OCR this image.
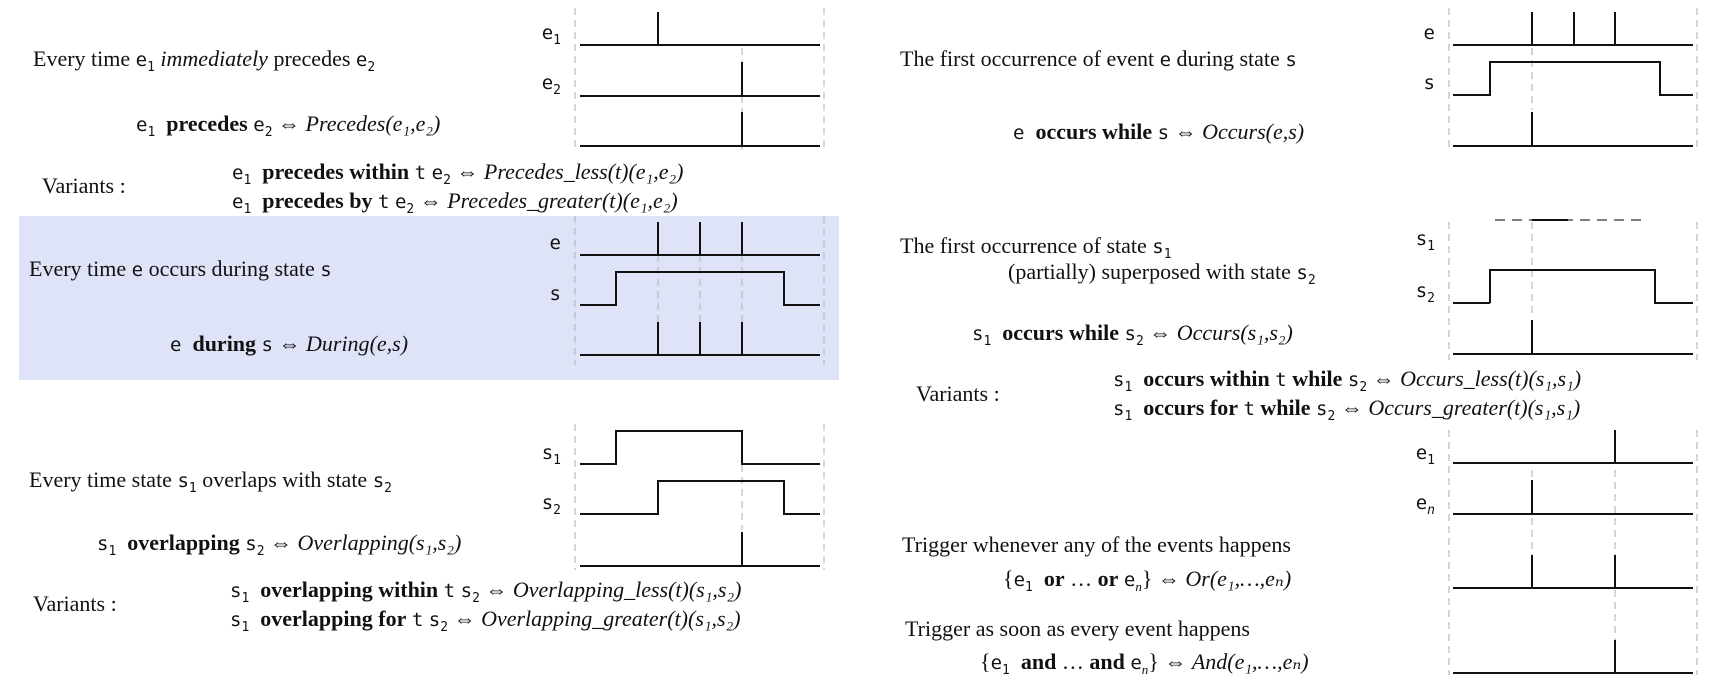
Every time $e_1$ immediately precedes $e_2$
$e_1$ precedes $e_2$ ⇔ Precedes(e₁,e₂)
Variants :	$e_1$ precedes within t $e_2$ ⇔ Precedes_less(t)(e₁,e₂)
$e_1$ precedes by t $e_2$ ⇔ Precedes_greater(t)(e₁,e₂)
$e_1$
$e_2$
Every time e occurs during state s
e during s ⇔ During(e,s)
e
s
Every time state $s_1$ overlaps with state $s_2$
$s_1$ overlapping $s_2$ ⇔ Overlapping(s₁,s₂)
Variants :	$s_1$ overlapping within t $s_2$ ⇔ Overlapping_less(t)(s₁,s₂)
$s_1$ overlapping for t $s_2$ ⇔ Overlapping_greater(t)(s₁,s₂)
$s_1$
$s_2$
The first occurrence of event e during state s
e occurs while s ⇔ Occurs(e,s)
e
s
The first occurrence of state $s_1$
(partially) superposed with state $s_2$
$s_1$ occurs while $s_2$ ⇔ Occurs(s₁,s₂)
Variants :
$s_1$ occurs within t while $s_2$ ⇔ Occurs_less(t)(s₁,s₁)
$s_1$ occurs for t while $s_2$ ⇔ Occurs_greater(t)(s₁,s₁)
$s_1$
$s_2$
Trigger whenever any of the events happens
{$e_1$ or … or $e_n$} ⇔ Or(e₁,…,eₙ)
Trigger as soon as every event happens
{$e_1$ and … and $e_n$} ⇔ And(e₁,…,eₙ)
$e_1$
$e_n$
